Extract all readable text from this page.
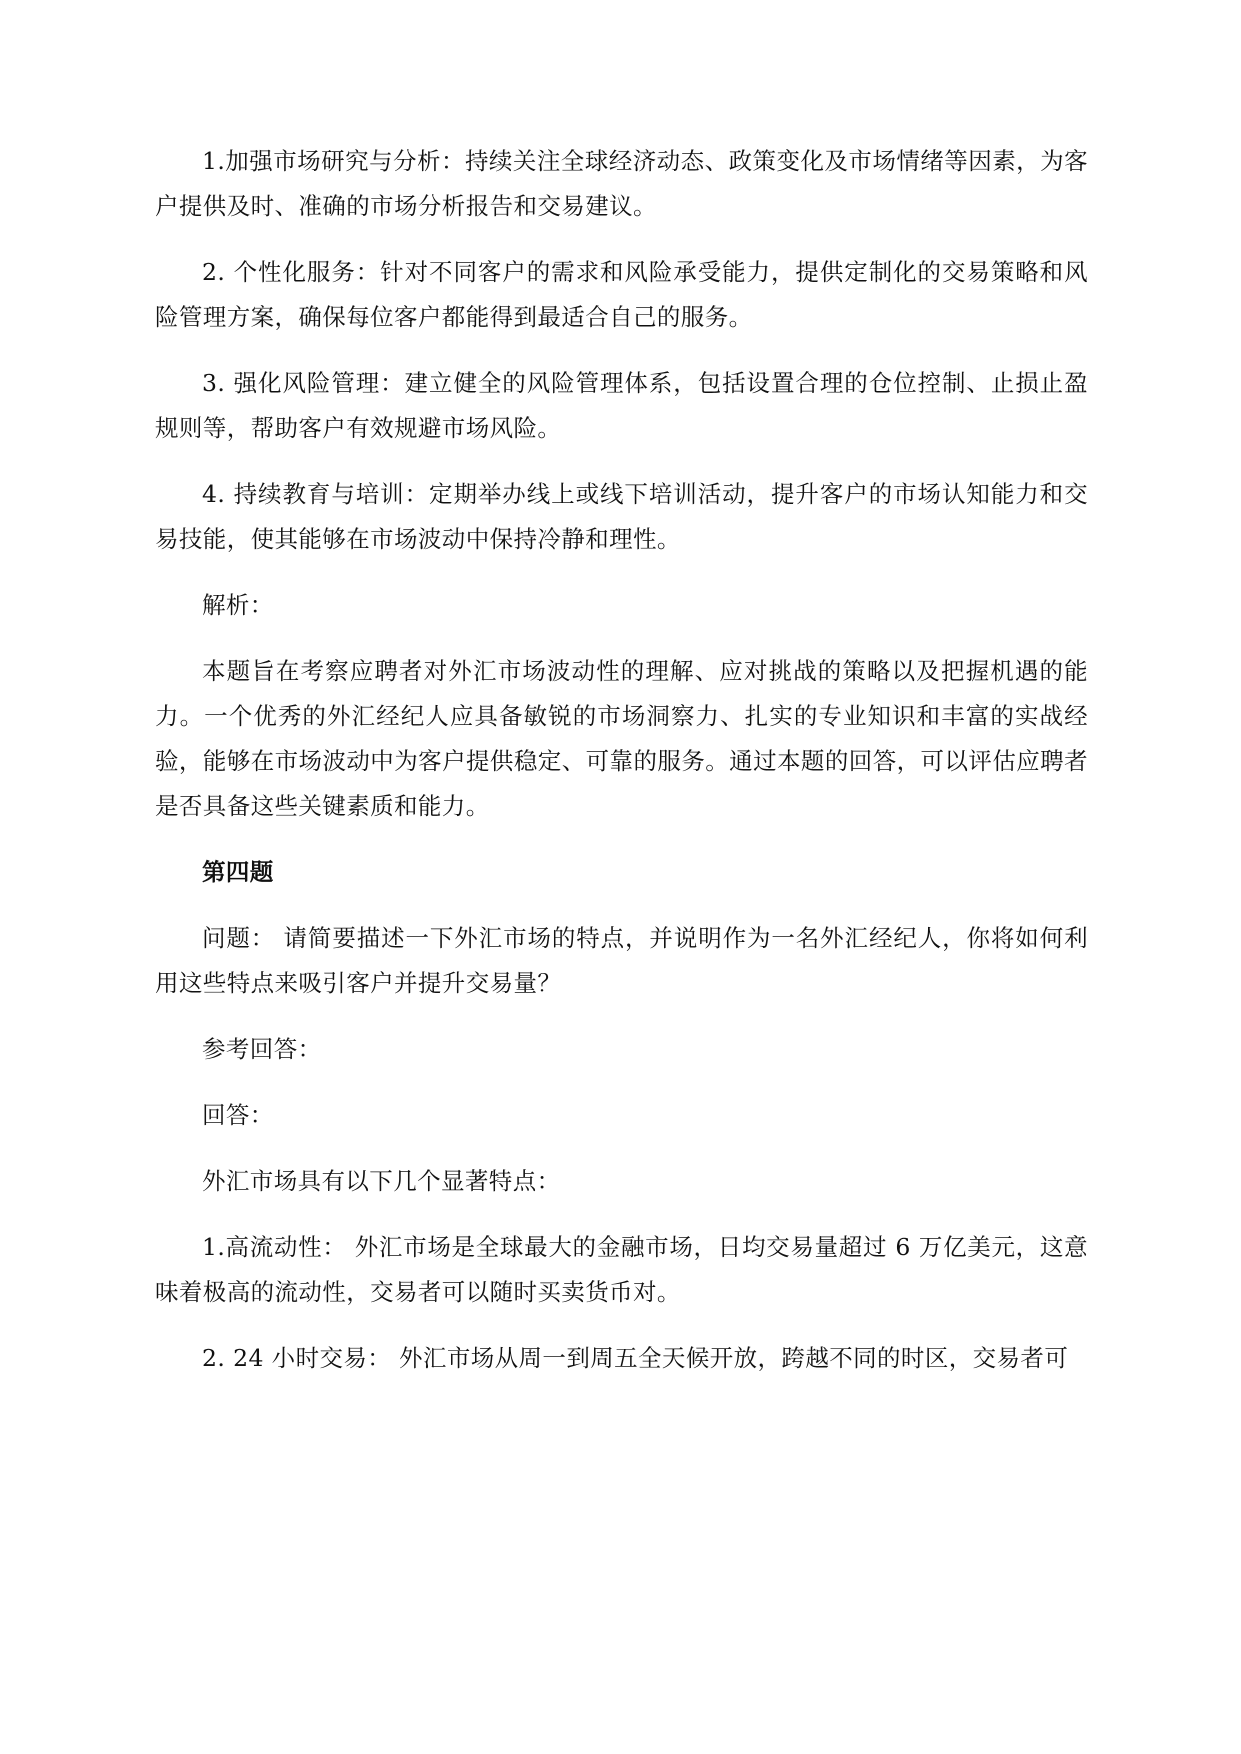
1.加强市场研究与分析：持续关注全球经济动态、政策变化及市场情绪等因素，为客户提供及时、准确的市场分析报告和交易建议。

2. 个性化服务：针对不同客户的需求和风险承受能力，提供定制化的交易策略和风险管理方案，确保每位客户都能得到最适合自己的服务。

3. 强化风险管理：建立健全的风险管理体系，包括设置合理的仓位控制、止损止盈规则等，帮助客户有效规避市场风险。

4. 持续教育与培训：定期举办线上或线下培训活动，提升客户的市场认知能力和交易技能，使其能够在市场波动中保持冷静和理性。

解析：

本题旨在考察应聘者对外汇市场波动性的理解、应对挑战的策略以及把握机遇的能力。一个优秀的外汇经纪人应具备敏锐的市场洞察力、扎实的专业知识和丰富的实战经验，能够在市场波动中为客户提供稳定、可靠的服务。通过本题的回答，可以评估应聘者是否具备这些关键素质和能力。

第四题

问题： 请简要描述一下外汇市场的特点，并说明作为一名外汇经纪人，你将如何利用这些特点来吸引客户并提升交易量？

参考回答：

回答：

外汇市场具有以下几个显著特点：

1.高流动性： 外汇市场是全球最大的金融市场，日均交易量超过 6 万亿美元，这意味着极高的流动性，交易者可以随时买卖货币对。

2. 24 小时交易： 外汇市场从周一到周五全天候开放，跨越不同的时区，交易者可
